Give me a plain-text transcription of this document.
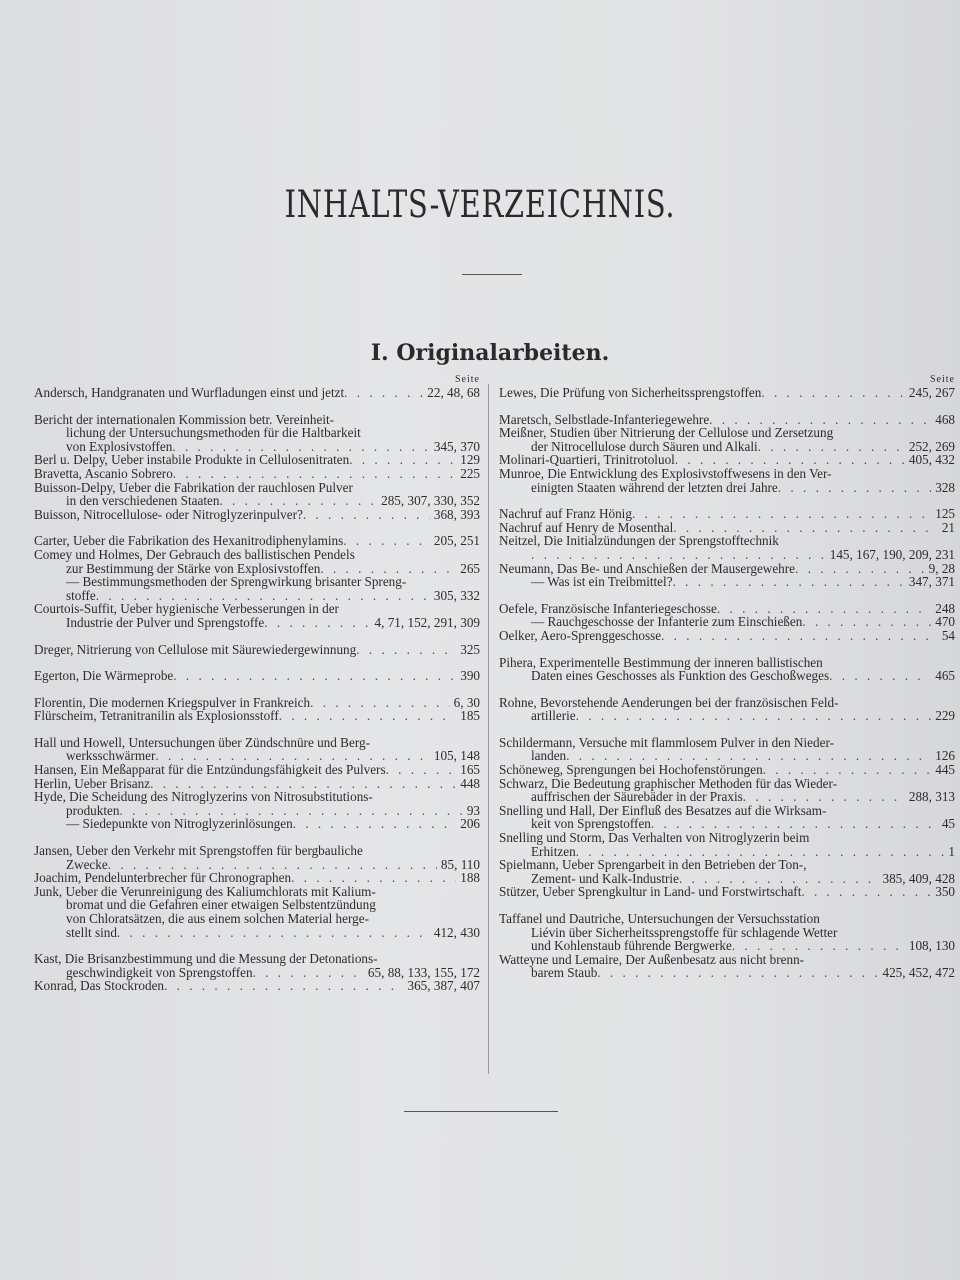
INHALTS-VERZEICHNIS.
I. Originalarbeiten.
Seite
Andersch, Handgranaten und Wurfladungen einst und jetzt . . .	22, 48, 68
Bericht der internationalen Kommission betr. Vereinheit-
lichung der Untersuchungsmethoden für die Haltbarkeit
von Explosivstoffen . . .	345, 370
Berl u. Delpy, Ueber instabile Produkte in Cellulosenitraten . . .	129
Bravetta, Ascanio Sobrero . . .	225
Buisson-Delpy, Ueber die Fabrikation der rauchlosen Pulver
in den verschiedenen Staaten . . .	285, 307, 330, 352
Buisson, Nitrocellulose- oder Nitroglyzerinpulver? . . .	368, 393
Carter, Ueber die Fabrikation des Hexanitrodiphenylamins . . .	205, 251
Comey und Holmes, Der Gebrauch des ballistischen Pendels
zur Bestimmung der Stärke von Explosivstoffen . . .	265
— Bestimmungsmethoden der Sprengwirkung brisanter Spreng-
stoffe . . .	305, 332
Courtois-Suffit, Ueber hygienische Verbesserungen in der
Industrie der Pulver und Sprengstoffe . . .	4, 71, 152, 291, 309
Dreger, Nitrierung von Cellulose mit Säurewiedergewinnung . . .	325
Egerton, Die Wärmeprobe . . .	390
Florentin, Die modernen Kriegspulver in Frankreich . . .	6, 30
Flürscheim, Tetranitranilin als Explosionsstoff . . .	185
Hall und Howell, Untersuchungen über Zündschnüre und Berg-
werksschwärmer . . .	105, 148
Hansen, Ein Meßapparat für die Entzündungsfähigkeit des Pulvers . . .	165
Herlin, Ueber Brisanz . . .	448
Hyde, Die Scheidung des Nitroglyzerins von Nitrosubstitutions-
produkten . . .	93
— Siedepunkte von Nitroglyzerinlösungen . . .	206
Jansen, Ueber den Verkehr mit Sprengstoffen für bergbauliche
Zwecke . . .	85, 110
Joachim, Pendelunterbrecher für Chronographen . . .	188
Junk, Ueber die Verunreinigung des Kaliumchlorats mit Kalium-
bromat und die Gefahren einer etwaigen Selbstentzündung
von Chloratsätzen, die aus einem solchen Material herge-
stellt sind . . .	412, 430
Kast, Die Brisanzbestimmung und die Messung der Detonations-
geschwindigkeit von Sprengstoffen . . .	65, 88, 133, 155, 172
Konrad, Das Stockroden . . .	365, 387, 407
Seite
Lewes, Die Prüfung von Sicherheitssprengstoffen . . .	245, 267
Maretsch, Selbstlade-Infanteriegewehre . . .	468
Meißner, Studien über Nitrierung der Cellulose und Zersetzung
der Nitrocellulose durch Säuren und Alkali . . .	252, 269
Molinari-Quartieri, Trinitrotoluol . . .	405, 432
Munroe, Die Entwicklung des Explosivstoffwesens in den Ver-
einigten Staaten während der letzten drei Jahre . . .	328
Nachruf auf Franz Hönig . . .	125
Nachruf auf Henry de Mosenthal . . .	21
Neitzel, Die Initialzündungen der Sprengstofftechnik
. . .
145, 167, 190, 209, 231
Neumann, Das Be- und Anschießen der Mausergewehre . . .	9, 28
— Was ist ein Treibmittel? . . .	347, 371
Oefele, Französische Infanteriegeschosse . . .	248
— Rauchgeschosse der Infanterie zum Einschießen . . .	470
Oelker, Aero-Sprenggeschosse . . .	54
Pihera, Experimentelle Bestimmung der inneren ballistischen
Daten eines Geschosses als Funktion des Geschoßweges . . .	465
Rohne, Bevorstehende Aenderungen bei der französischen Feld-
artillerie . . .	229
Schildermann, Versuche mit flammlosem Pulver in den Nieder-
landen . . .	126
Schöneweg, Sprengungen bei Hochofenstörungen . . .	445
Schwarz, Die Bedeutung graphischer Methoden für das Wieder-
auffrischen der Säurebäder in der Praxis . . .	288, 313
Snelling und Hall, Der Einfluß des Besatzes auf die Wirksam-
keit von Sprengstoffen . . .	45
Snelling und Storm, Das Verhalten von Nitroglyzerin beim
Erhitzen . . .	1
Spielmann, Ueber Sprengarbeit in den Betrieben der Ton-,
Zement- und Kalk-Industrie . . .	385, 409, 428
Stützer, Ueber Sprengkultur in Land- und Forstwirtschaft . . .	350
Taffanel und Dautriche, Untersuchungen der Versuchsstation
Liévin über Sicherheitssprengstoffe für schlagende Wetter
und Kohlenstaub führende Bergwerke . . .	108, 130
Watteyne und Lemaire, Der Außenbesatz aus nicht brenn-
barem Staub . . .	425, 452, 472
